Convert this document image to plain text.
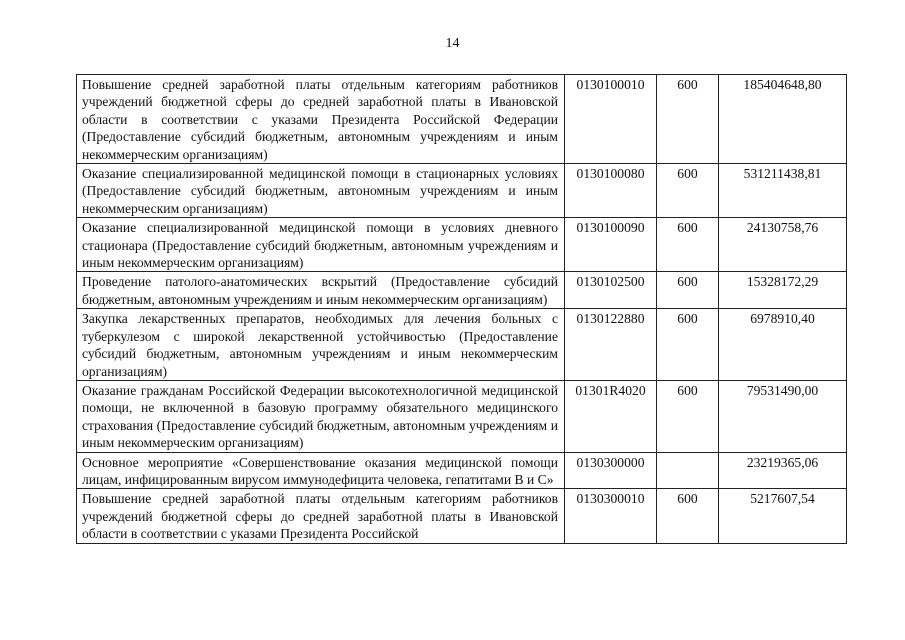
14
Повышение средней заработной платы отдельным категориям работников учреждений бюджетной сферы до средней заработной платы в Ивановской области в соответствии с указами Президента Российской Федерации (Предоставление субсидий бюджетным, автономным учреждениям и иным некоммерческим организациям)	0130100010	600	185404648,80
Оказание специализированной медицинской помощи в стационарных условиях (Предоставление субсидий бюджетным, автономным учреждениям и иным некоммерческим организациям)	0130100080	600	531211438,81
Оказание специализированной медицинской помощи в условиях дневного стационара (Предоставление субсидий бюджетным, автономным учреждениям и иным некоммерческим организациям)	0130100090	600	24130758,76
Проведение патолого-анатомических вскрытий (Предоставление субсидий бюджетным, автономным учреждениям и иным некоммерческим организациям)	0130102500	600	15328172,29
Закупка лекарственных препаратов, необходимых для лечения больных с туберкулезом с широкой лекарственной устойчивостью (Предоставление субсидий бюджетным, автономным учреждениям и иным некоммерческим организациям)	0130122880	600	6978910,40
Оказание гражданам Российской Федерации высокотехнологичной медицинской помощи, не включенной в базовую программу обязательного медицинского страхования (Предоставление субсидий бюджетным, автономным учреждениям и иным некоммерческим организациям)	01301R4020	600	79531490,00
Основное мероприятие «Совершенствование оказания медицинской помощи лицам, инфицированным вирусом иммунодефицита человека, гепатитами В и С»	0130300000		23219365,06
Повышение средней заработной платы отдельным категориям работников учреждений бюджетной сферы до средней заработной платы в Ивановской области в соответствии с указами Президента Российской	0130300010	600	5217607,54
